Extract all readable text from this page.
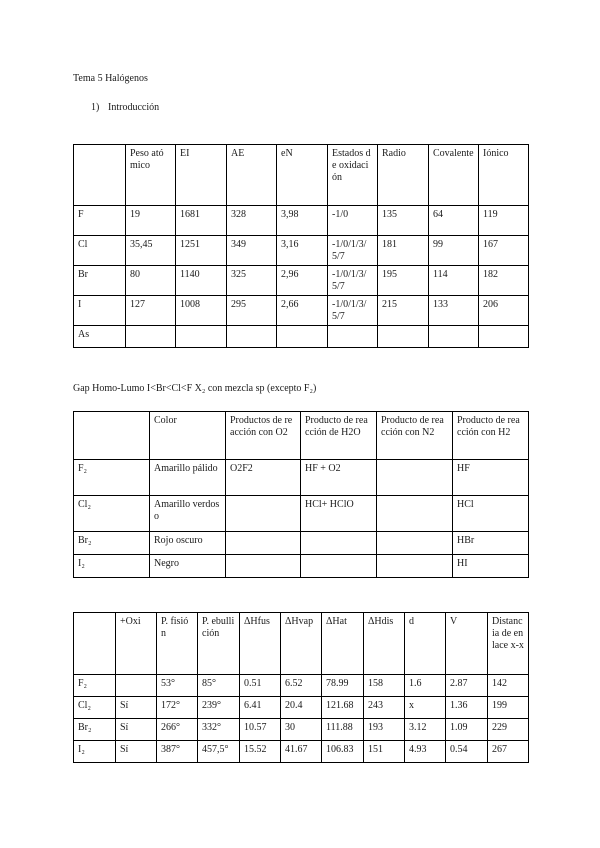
Tema 5 Halógenos
1) Introducción
	Peso atómico	EI	AE	eN	Estados de oxidación	Radio	Covalente	Iónico
F	19	1681	328	3,98	-1/0	135	64	119
Cl	35,45	1251	349	3,16	-1/0/1/3/5/7	181	99	167
Br	80	1140	325	2,96	-1/0/1/3/5/7	195	114	182
I	127	1008	295	2,66	-1/0/1/3/5/7	215	133	206
As								
Gap Homo-Lumo I<Br<Cl<F X₂ con mezcla sp (excepto F₂)
	Color	Productos de reacción con O2	Producto de reacción de H2O	Producto de reacción con N2	Producto de reacción con H2
F₂	Amarillo pálido	O2F2	HF + O2		HF
Cl₂	Amarillo verdoso		HCl+ HClO		HCl
Br₂	Rojo oscuro				HBr
I₂	Negro				HI
	+Oxi	P. fisión	P. ebullición	ΔHfus	ΔHvap	ΔHat	ΔHdis	d	V	Distancia de enlace x-x
F₂		53°	85°	0.51	6.52	78.99	158	1.6	2.87	142
Cl₂	Sí	172°	239°	6.41	20.4	121.68	243	x	1.36	199
Br₂	Sí	266°	332°	10.57	30	111.88	193	3.12	1.09	229
I₂	Sí	387°	457,5°	15.52	41.67	106.83	151	4.93	0.54	267
